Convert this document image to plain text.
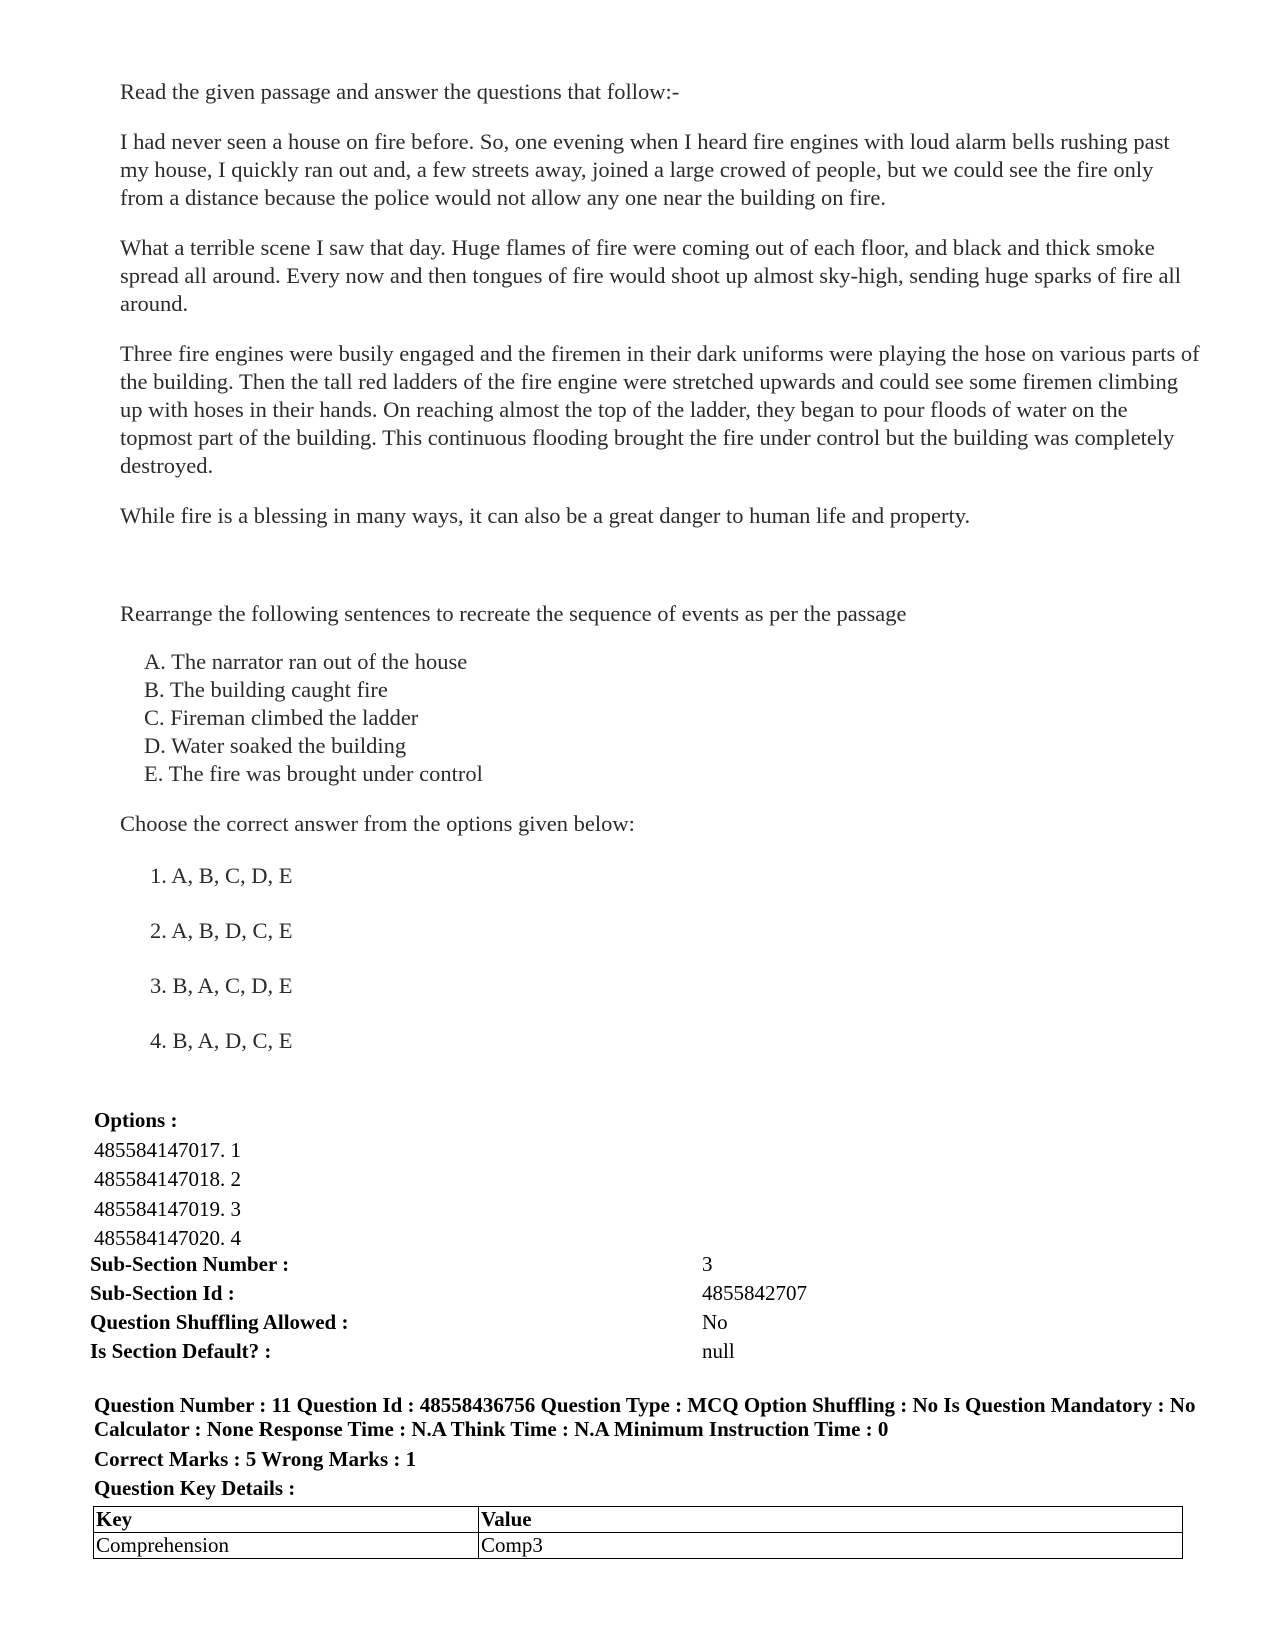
Read the given passage and answer the questions that follow:-

I had never seen a house on fire before. So, one evening when I heard fire engines with loud alarm bells rushing past my house, I quickly ran out and, a few streets away, joined a large crowed of people, but we could see the fire only from a distance because the police would not allow any one near the building on fire.

What a terrible scene I saw that day. Huge flames of fire were coming out of each floor, and black and thick smoke spread all around. Every now and then tongues of fire would shoot up almost sky-high, sending huge sparks of fire all around.

Three fire engines were busily engaged and the firemen in their dark uniforms were playing the hose on various parts of the building. Then the tall red ladders of the fire engine were stretched upwards and could see some firemen climbing up with hoses in their hands. On reaching almost the top of the ladder, they began to pour floods of water on the topmost part of the building. This continuous flooding brought the fire under control but the building was completely destroyed.

While fire is a blessing in many ways, it can also be a great danger to human life and property.

Rearrange the following sentences to recreate the sequence of events as per the passage

A. The narrator ran out of the house
B. The building caught fire
C. Fireman climbed the ladder
D. Water soaked the building
E. The fire was brought under control

Choose the correct answer from the options given below:

1. A, B, C, D, E
2. A, B, D, C, E
3. B, A, C, D, E
4. B, A, D, C, E
Options :
485584147017. 1
485584147018. 2
485584147019. 3
485584147020. 4
Sub-Section Number :	3
Sub-Section Id :	4855842707
Question Shuffling Allowed :	No
Is Section Default? :	null

Question Number : 11 Question Id : 48558436756 Question Type : MCQ Option Shuffling : No Is Question Mandatory : No Calculator : None Response Time : N.A Think Time : N.A Minimum Instruction Time : 0

Correct Marks : 5 Wrong Marks : 1
Question Key Details :
Key	Value
Comprehension	Comp3
